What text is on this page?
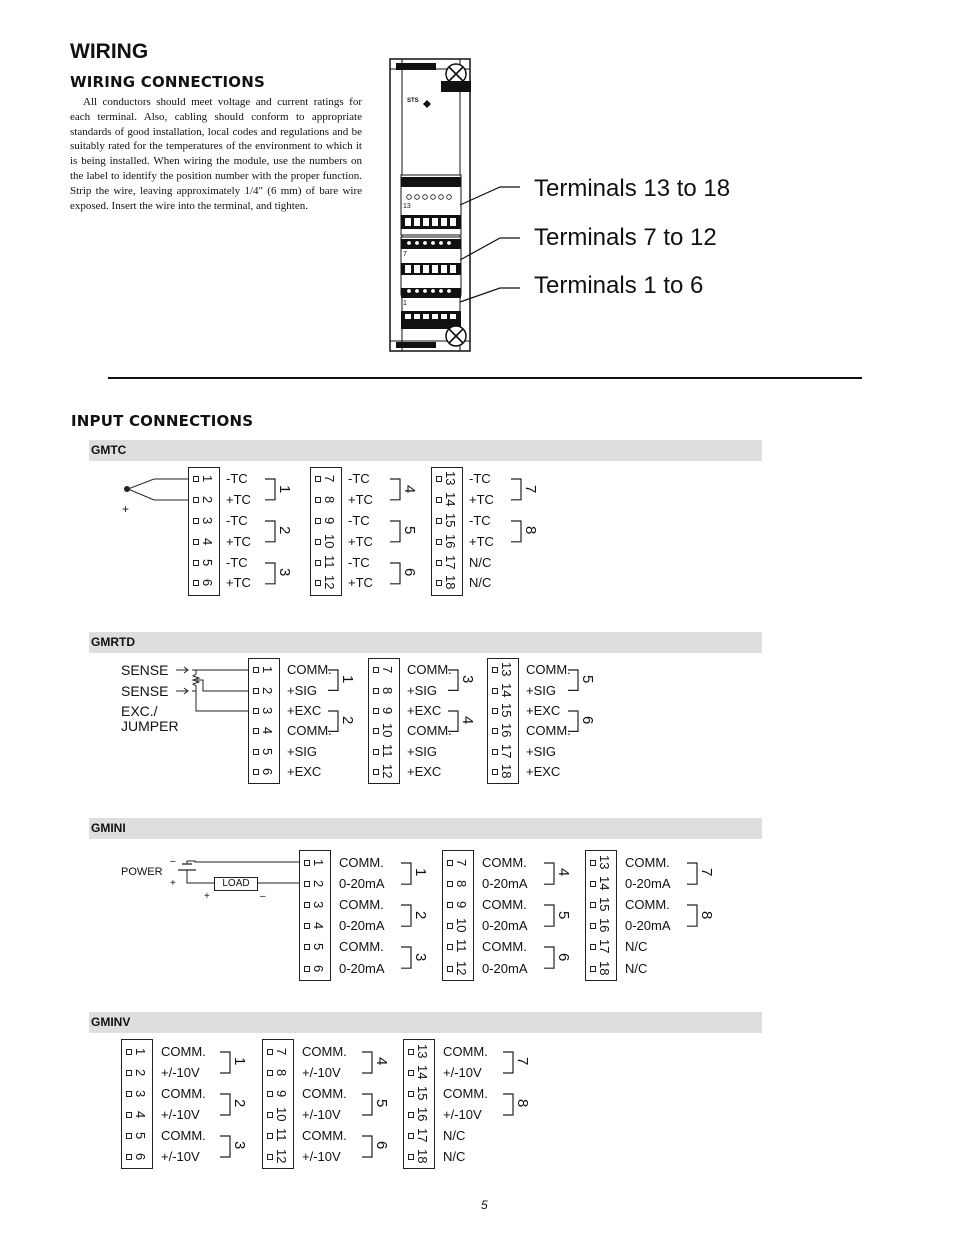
WIRING
WIRING CONNECTIONS

All conductors should meet voltage and current ratings for each terminal. Also, cabling should conform to appropriate standards of good installation, local codes and regulations and be suitably rated for the temperatures of the environment to which it is being installed. When wiring the module, use the numbers on the label to identify the position number with the proper function. Strip the wire, leaving approximately 1/4" (6 mm) of bare wire exposed. Insert the wire into the terminal, and tighten.

STS
13
7
1
Terminals 13 to 18
Terminals 7 to 12
Terminals 1 to 6
INPUT CONNECTIONS
GMTC
GMRTD
GMINI
GMINV
+
SENSE
SENSE
EXC./
JUMPER
POWER
–
+	LOAD
+	–
1 -TC
2 +TC
3 -TC
4 +TC
5 -TC
6 +TC
1
2
3
7 -TC
8 +TC
9 -TC
10 +TC
11 -TC
12 +TC
4
5
6
13 -TC
14 +TC
15 -TC
16 +TC
17 N/C
18 N/C
7
8
1 COMM.
2 +SIG
3 +EXC
4 COMM.
5 +SIG
6 +EXC
1
2
7 COMM.
8 +SIG
9 +EXC
10 COMM.
11 +SIG
12 +EXC
3
4
13 COMM.
14 +SIG
15 +EXC
16 COMM.
17 +SIG
18 +EXC
5
6
1 COMM.
2 0-20mA
3 COMM.
4 0-20mA
5 COMM.
6 0-20mA
1
2
3
7 COMM.
8 0-20mA
9 COMM.
10 0-20mA
11 COMM.
12 0-20mA
4
5
6
13 COMM.
14 0-20mA
15 COMM.
16 0-20mA
17 N/C
18 N/C
7
8
1 COMM.
2 +/-10V
3 COMM.
4 +/-10V
5 COMM.
6 +/-10V
1
2
3
7 COMM.
8 +/-10V
9 COMM.
10 +/-10V
11 COMM.
12 +/-10V
4
5
6
13 COMM.
14 +/-10V
15 COMM.
16 +/-10V
17 N/C
18 N/C
7
8
5
